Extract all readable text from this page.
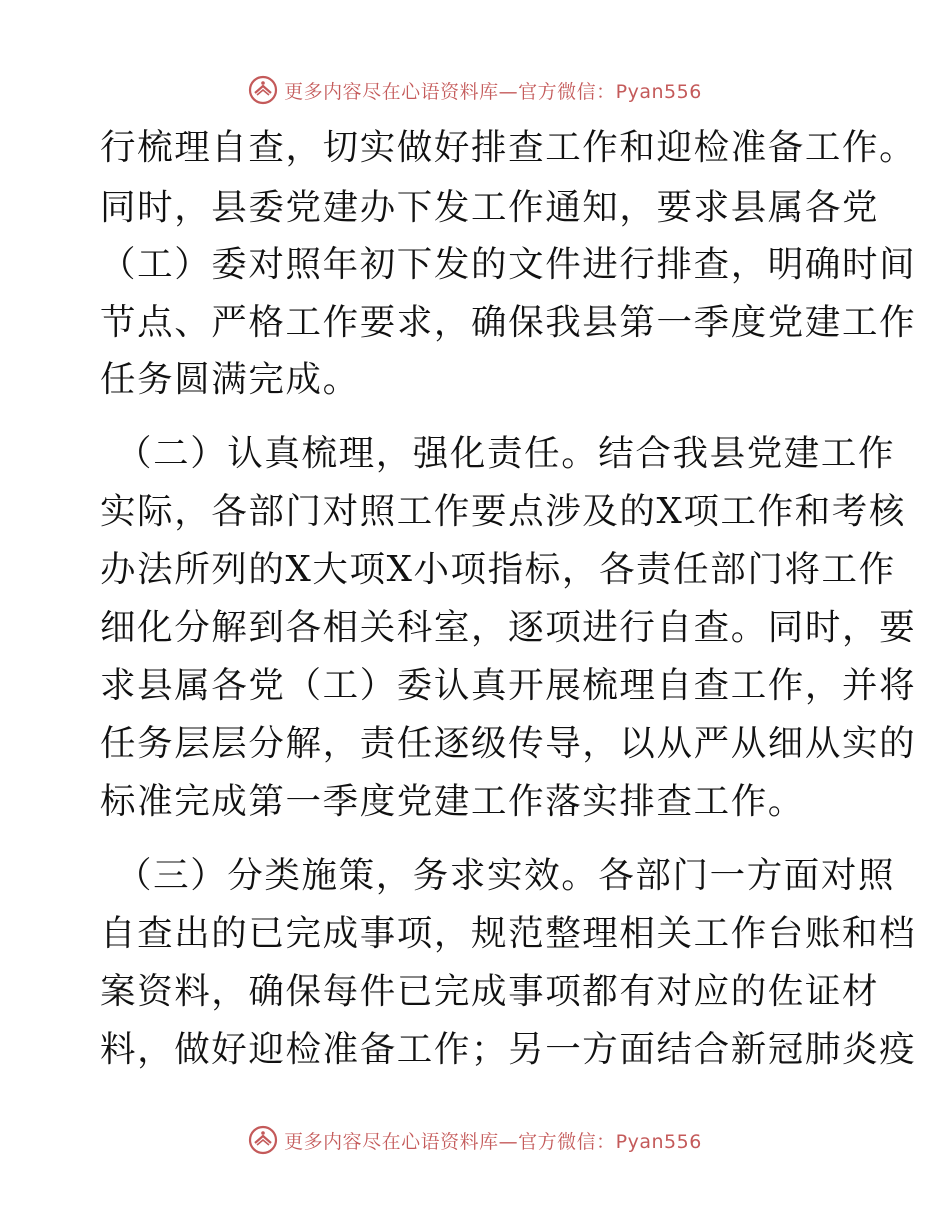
更多内容尽在心语资料库—官方微信：Pyan556
行梳理自查，切实做好排查工作和迎检准备工作。
同时，县委党建办下发工作通知，要求县属各党
（工）委对照年初下发的文件进行排查，明确时间
节点、严格工作要求，确保我县第一季度党建工作
任务圆满完成。
（二）认真梳理，强化责任。结合我县党建工作
实际，各部门对照工作要点涉及的X项工作和考核
办法所列的X大项X小项指标，各责任部门将工作
细化分解到各相关科室，逐项进行自查。同时，要
求县属各党（工）委认真开展梳理自查工作，并将
任务层层分解，责任逐级传导，以从严从细从实的
标准完成第一季度党建工作落实排查工作。
（三）分类施策，务求实效。各部门一方面对照
自查出的已完成事项，规范整理相关工作台账和档
案资料，确保每件已完成事项都有对应的佐证材
料，做好迎检准备工作；另一方面结合新冠肺炎疫
更多内容尽在心语资料库—官方微信：Pyan556
